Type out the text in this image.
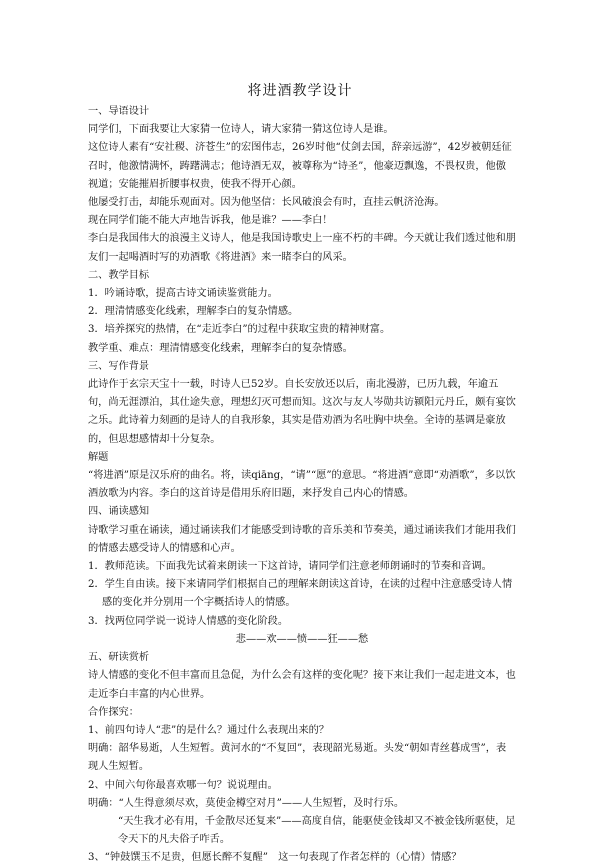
将进酒教学设计

一、导语设计

同学们，下面我要让大家猜一位诗人，请大家猜一猜这位诗人是谁。

这位诗人素有“安社稷、济苍生”的宏图伟志，26岁时他“仗剑去国，辞亲远游”，42岁被朝廷征召时，他激情满怀，踌躇满志；他诗酒无双，被尊称为“诗圣”，他豪迈飘逸，不畏权贵，他傲视道；安能摧眉折腰事权贵，使我不得开心颜。

他屡受打击，却能乐观面对。因为他坚信：长风破浪会有时，直挂云帆济沧海。

现在同学们能不能大声地告诉我，他是谁？——李白！

李白是我国伟大的浪漫主义诗人，他是我国诗歌史上一座不朽的丰碑。今天就让我们透过他和朋友们一起喝酒时写的劝酒歌《将进酒》来一睹李白的风采。

二、教学目标

1．吟诵诗歌，提高古诗文诵读鉴赏能力。

2．理清情感变化线索，理解李白的复杂情感。

3．培养探究的热情，在“走近李白”的过程中获取宝贵的精神财富。

教学重、难点：理清情感变化线索，理解李白的复杂情感。

三、写作背景

此诗作于玄宗天宝十一载，时诗人已52岁。自长安放还以后，南北漫游，已历九载，年逾五旬，尚无涯漂泊，其仕途失意，理想幻灭可想而知。这次与友人岑勋共访颍阳元丹丘，颇有宴饮之乐。此诗着力刻画的是诗人的自我形象，其实是借劝酒为名吐胸中块垒。全诗的基调是豪放的，但思想感情却十分复杂。

解题

“将进酒”原是汉乐府的曲名。将，读qiāng，“请”“愿”的意思。“将进酒”意即“劝酒歌”，多以饮酒放歌为内容。李白的这首诗是借用乐府旧题，来抒发自己内心的情感。

四、诵读感知

诗歌学习重在诵读，通过诵读我们才能感受到诗歌的音乐美和节奏美，通过诵读我们才能用我们的情感去感受诗人的情感和心声。

1．教师范读。下面我先试着来朗读一下这首诗，请同学们注意老师朗诵时的节奏和音调。

2．学生自由读。接下来请同学们根据自己的理解来朗读这首诗，在读的过程中注意感受诗人情感的变化并分别用一个字概括诗人的情感。

3．找两位同学说一说诗人情感的变化阶段。

悲——欢——愤——狂——愁

五、研读赏析

诗人情感的变化不但丰富而且急促，为什么会有这样的变化呢？接下来让我们一起走进文本，也走近李白丰富的内心世界。

合作探究：

1、前四句诗人“悲”的是什么？通过什么表现出来的？

明确：韶华易逝，人生短暂。黄河水的“不复回”，表现韶光易逝。头发“朝如青丝暮成雪”，表现人生短暂。

2、中间六句你最喜欢哪一句？说说理由。

明确：“人生得意须尽欢，莫使金樽空对月”——人生短暂，及时行乐。

“天生我才必有用，千金散尽还复来”——高度自信，能驱使金钱却又不被金钱所驱使，足令天下的凡夫俗子咋舌。

3、“钟鼓馔玉不足贵，但愿长醉不复醒”　这一句表现了作者怎样的（心情）情感？
